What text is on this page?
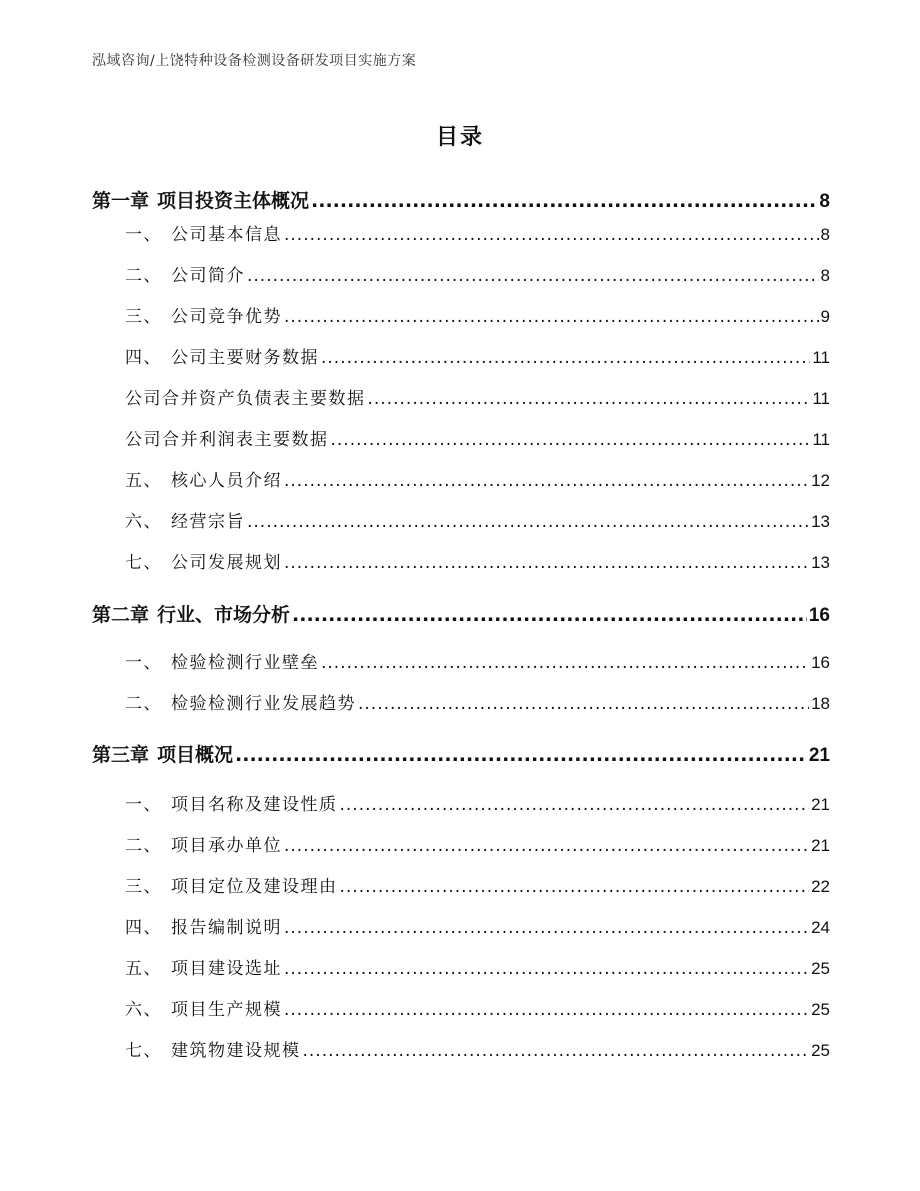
泓域咨询/上饶特种设备检测设备研发项目实施方案
目录
第一章 项目投资主体概况 .....	8
一、 公司基本信息 .....	8
二、 公司简介 .....	8
三、 公司竞争优势 .....	9
四、 公司主要财务数据 .....	11
公司合并资产负债表主要数据 .....	11
公司合并利润表主要数据 .....	11
五、 核心人员介绍 .....	12
六、 经营宗旨 .....	13
七、 公司发展规划 .....	13
第二章 行业、市场分析 .....	16
一、 检验检测行业壁垒 .....	16
二、 检验检测行业发展趋势 .....	18
第三章 项目概况 .....	21
一、 项目名称及建设性质 .....	21
二、 项目承办单位 .....	21
三、 项目定位及建设理由 .....	22
四、 报告编制说明 .....	24
五、 项目建设选址 .....	25
六、 项目生产规模 .....	25
七、 建筑物建设规模 .....	25
